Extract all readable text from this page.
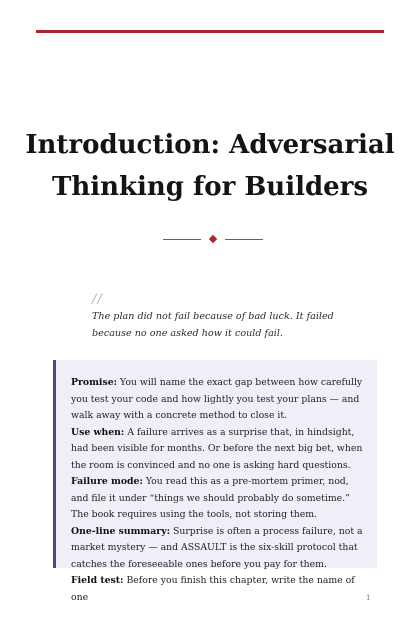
Introduction: Adversarial Thinking for Builders
//

The plan did not fail because of bad luck. It failed because no one asked how it could fail.

Promise: You will name the exact gap between how carefully you test your code and how lightly you test your plans — and walk away with a concrete method to close it.

Use when: A failure arrives as a surprise that, in hindsight, had been visible for months. Or before the next big bet, when the room is convinced and no one is asking hard questions.

Failure mode: You read this as a pre-mortem primer, nod, and file it under “things we should probably do sometime.” The book requires using the tools, not storing them.

One-line summary: Surprise is often a process failure, not a market mystery — and ASSAULT is the six-skill protocol that catches the foreseeable ones before you pay for them.

Field test: Before you finish this chapter, write the name of one	1
